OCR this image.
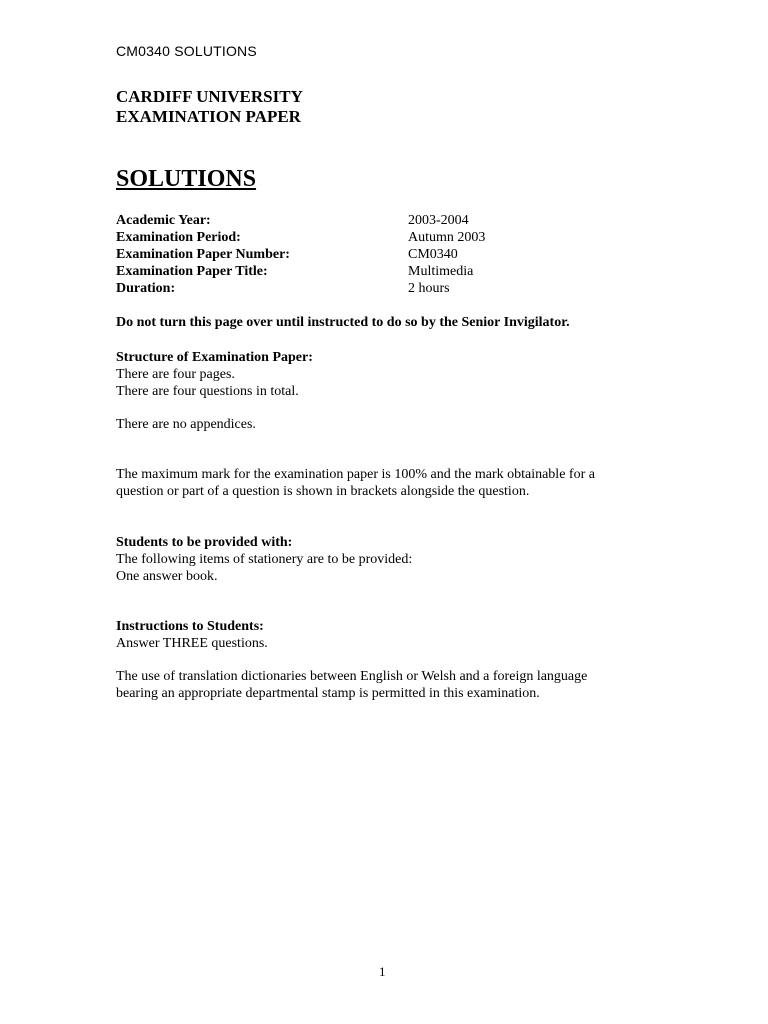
CM0340 SOLUTIONS
CARDIFF UNIVERSITY
EXAMINATION PAPER
SOLUTIONS
Academic Year:	2003-2004
Examination Period:	Autumn 2003
Examination Paper Number:	CM0340
Examination Paper Title:	Multimedia
Duration:	2 hours
Do not turn this page over until instructed to do so by the Senior Invigilator.
Structure of Examination Paper:
There are four pages.
There are four questions in total.
There are no appendices.
The maximum mark for the examination paper is 100% and the mark obtainable for a
question or part of a question is shown in brackets alongside the question.
Students to be provided with:
The following items of stationery are to be provided:
One answer book.
Instructions to Students:
Answer THREE questions.
The use of translation dictionaries between English or Welsh and a foreign language
bearing an appropriate departmental stamp is permitted in this examination.
1
